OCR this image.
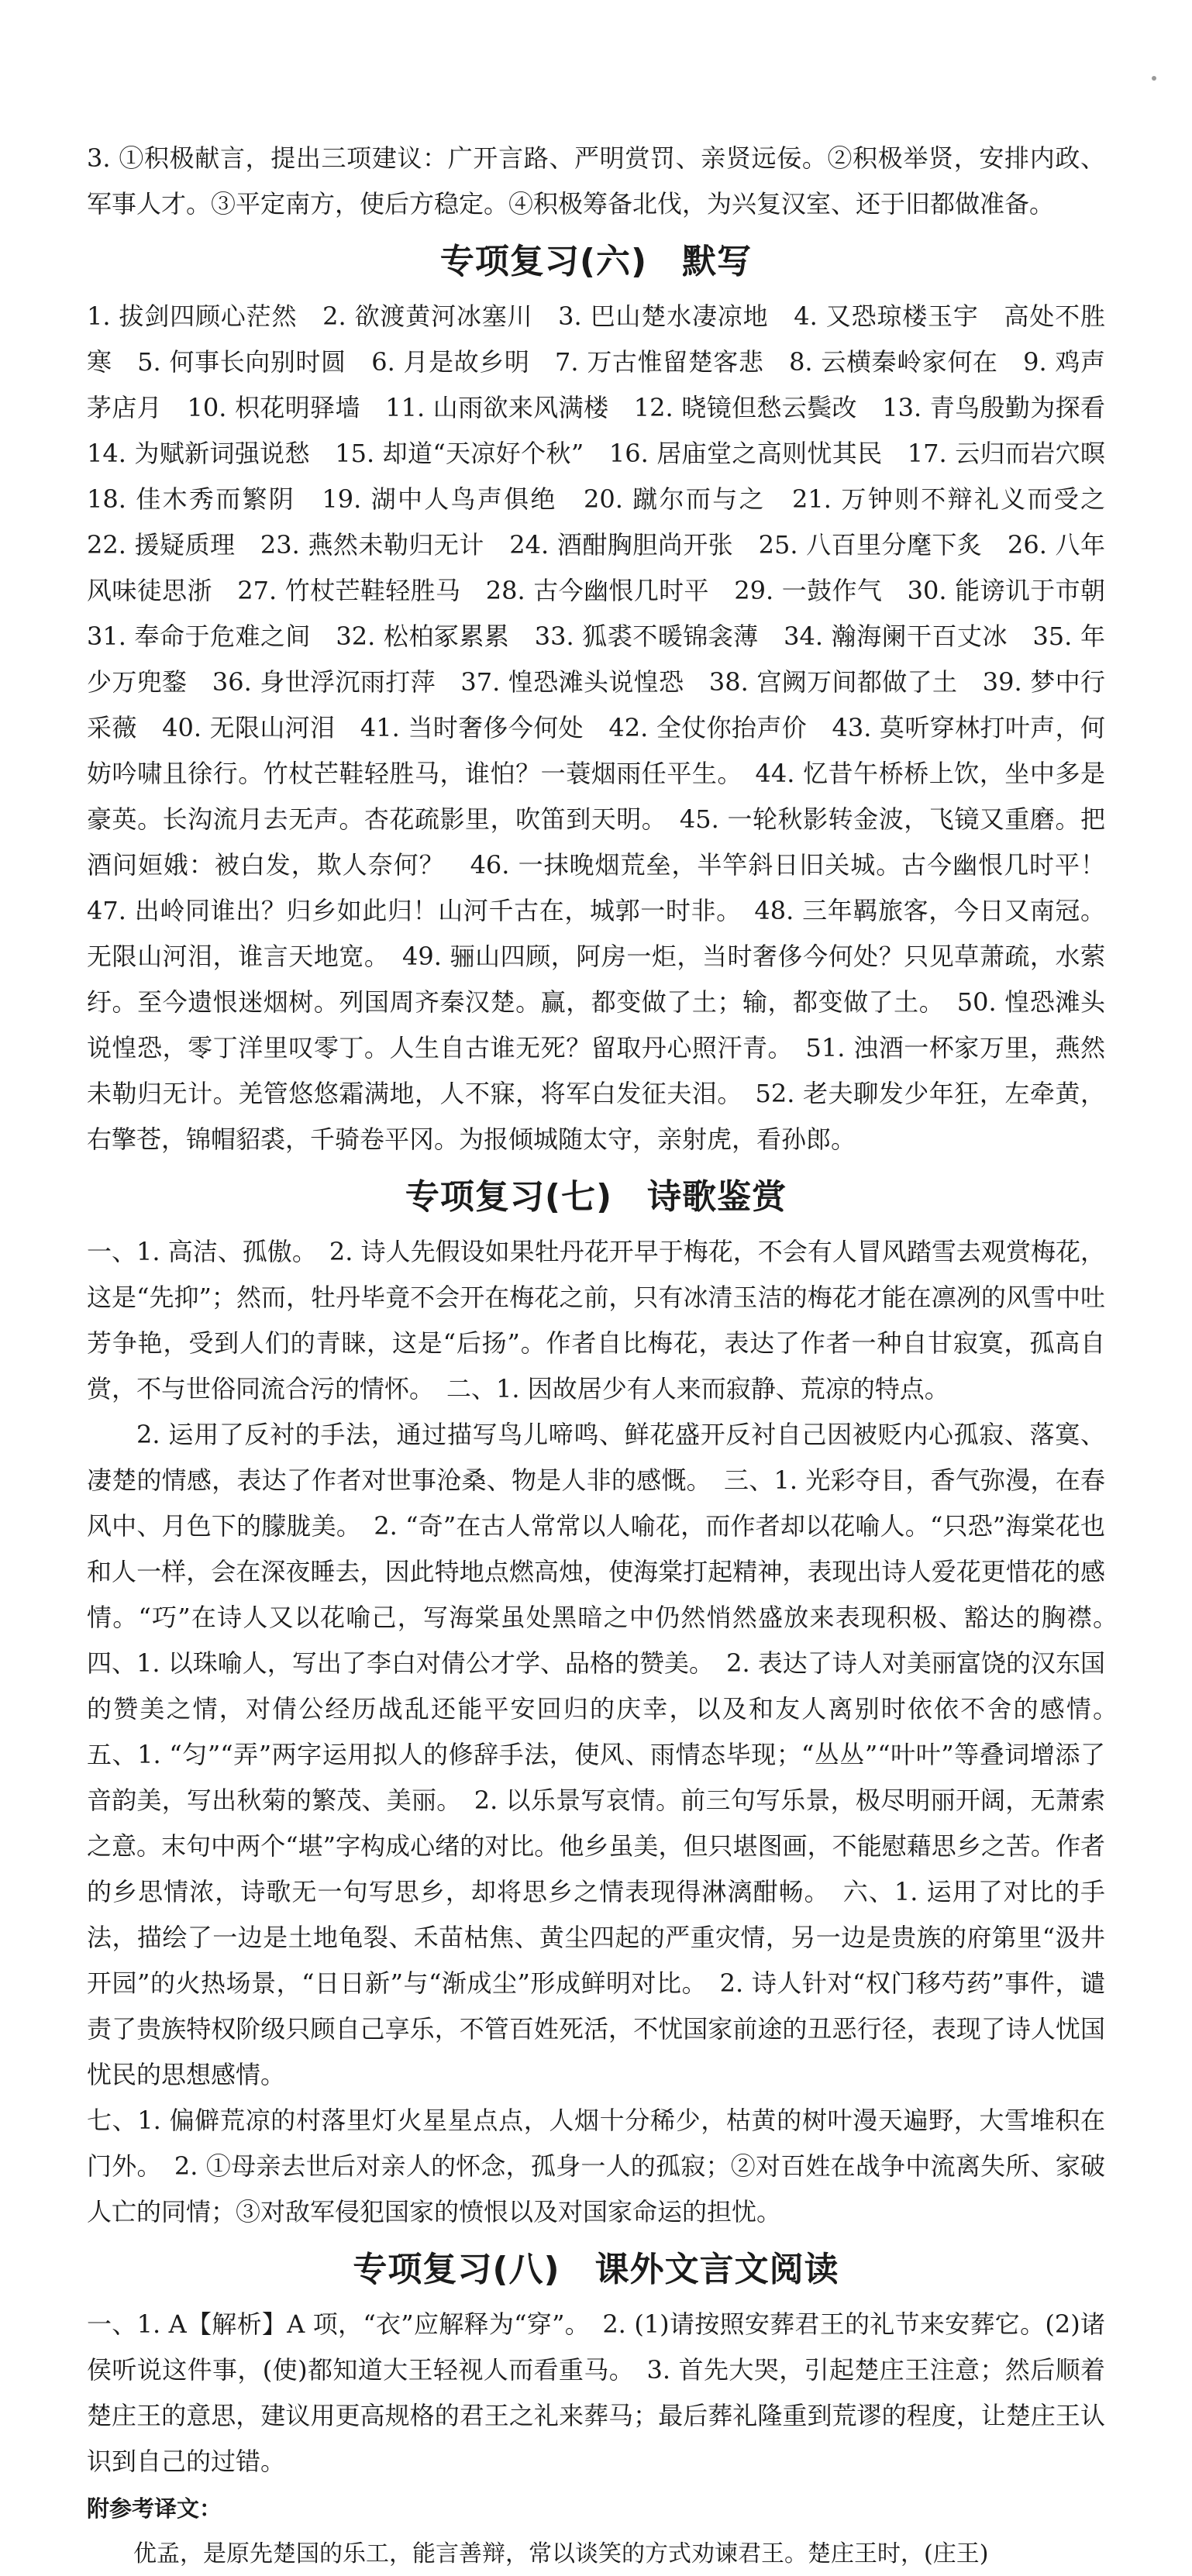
3. ①积极献言，提出三项建议：广开言路、严明赏罚、亲贤远佞。②积极举贤，安排内政、军事人才。③平定南方，使后方稳定。④积极筹备北伐，为兴复汉室、还于旧都做准备。

专项复习(六)　默写

1. 拔剑四顾心茫然　2. 欲渡黄河冰塞川　3. 巴山楚水凄凉地　4. 又恐琼楼玉宇　高处不胜寒　5. 何事长向别时圆　6. 月是故乡明　7. 万古惟留楚客悲　8. 云横秦岭家何在　9. 鸡声茅店月　10. 枳花明驿墙　11. 山雨欲来风满楼　12. 晓镜但愁云鬓改　13. 青鸟殷勤为探看　14. 为赋新词强说愁　15. 却道“天凉好个秋”　16. 居庙堂之高则忧其民　17. 云归而岩穴暝　18. 佳木秀而繁阴　19. 湖中人鸟声俱绝　20. 蹴尔而与之　21. 万钟则不辩礼义而受之　22. 援疑质理　23. 燕然未勒归无计　24. 酒酣胸胆尚开张　25. 八百里分麾下炙　26. 八年风味徒思浙　27. 竹杖芒鞋轻胜马　28. 古今幽恨几时平　29. 一鼓作气　30. 能谤讥于市朝　31. 奉命于危难之间　32. 松柏冢累累　33. 狐裘不暖锦衾薄　34. 瀚海阑干百丈冰　35. 年少万兜鍪　36. 身世浮沉雨打萍　37. 惶恐滩头说惶恐　38. 宫阙万间都做了土　39. 梦中行采薇　40. 无限山河泪　41. 当时奢侈今何处　42. 全仗你抬声价　43. 莫听穿林打叶声，何妨吟啸且徐行。竹杖芒鞋轻胜马，谁怕？一蓑烟雨任平生。　44. 忆昔午桥桥上饮，坐中多是豪英。长沟流月去无声。杏花疏影里，吹笛到天明。　45. 一轮秋影转金波，飞镜又重磨。把酒问姮娥：被白发，欺人奈何？　46. 一抹晚烟荒垒，半竿斜日旧关城。古今幽恨几时平！　47. 出岭同谁出？归乡如此归！山河千古在，城郭一时非。　48. 三年羁旅客，今日又南冠。无限山河泪，谁言天地宽。　49. 骊山四顾，阿房一炬，当时奢侈今何处？只见草萧疏，水萦纡。至今遗恨迷烟树。列国周齐秦汉楚。赢，都变做了土；输，都变做了土。　50. 惶恐滩头说惶恐，零丁洋里叹零丁。人生自古谁无死？留取丹心照汗青。　51. 浊酒一杯家万里，燕然未勒归无计。羌管悠悠霜满地，人不寐，将军白发征夫泪。　52. 老夫聊发少年狂，左牵黄，右擎苍，锦帽貂裘，千骑卷平冈。为报倾城随太守，亲射虎，看孙郎。

专项复习(七)　诗歌鉴赏

一、1. 高洁、孤傲。　2. 诗人先假设如果牡丹花开早于梅花，不会有人冒风踏雪去观赏梅花，这是“先抑”；然而，牡丹毕竟不会开在梅花之前，只有冰清玉洁的梅花才能在凛冽的风雪中吐芳争艳，受到人们的青睐，这是“后扬”。作者自比梅花，表达了作者一种自甘寂寞，孤高自赏，不与世俗同流合污的情怀。　二、1. 因故居少有人来而寂静、荒凉的特点。

2. 运用了反衬的手法，通过描写鸟儿啼鸣、鲜花盛开反衬自己因被贬内心孤寂、落寞、凄楚的情感，表达了作者对世事沧桑、物是人非的感慨。　三、1. 光彩夺目，香气弥漫，在春风中、月色下的朦胧美。　2. “奇”在古人常常以人喻花，而作者却以花喻人。“只恐”海棠花也和人一样，会在深夜睡去，因此特地点燃高烛，使海棠打起精神，表现出诗人爱花更惜花的感情。“巧”在诗人又以花喻己，写海棠虽处黑暗之中仍然悄然盛放来表现积极、豁达的胸襟。　四、1. 以珠喻人，写出了李白对倩公才学、品格的赞美。　2. 表达了诗人对美丽富饶的汉东国的赞美之情，对倩公经历战乱还能平安回归的庆幸，以及和友人离别时依依不舍的感情。　五、1. “匀”“弄”两字运用拟人的修辞手法，使风、雨情态毕现；“丛丛”“叶叶”等叠词增添了音韵美，写出秋菊的繁茂、美丽。　2. 以乐景写哀情。前三句写乐景，极尽明丽开阔，无萧索之意。末句中两个“堪”字构成心绪的对比。他乡虽美，但只堪图画，不能慰藉思乡之苦。作者的乡思情浓，诗歌无一句写思乡，却将思乡之情表现得淋漓酣畅。　六、1. 运用了对比的手法，描绘了一边是土地龟裂、禾苗枯焦、黄尘四起的严重灾情，另一边是贵族的府第里“汲井开园”的火热场景，“日日新”与“渐成尘”形成鲜明对比。　2. 诗人针对“权门移芍药”事件，谴责了贵族特权阶级只顾自己享乐，不管百姓死活，不忧国家前途的丑恶行径，表现了诗人忧国忧民的思想感情。

七、1. 偏僻荒凉的村落里灯火星星点点，人烟十分稀少，枯黄的树叶漫天遍野，大雪堆积在门外。　2. ①母亲去世后对亲人的怀念，孤身一人的孤寂；②对百姓在战争中流离失所、家破人亡的同情；③对敌军侵犯国家的愤恨以及对国家命运的担忧。

专项复习(八)　课外文言文阅读

一、1. A【解析】A 项，“衣”应解释为“穿”。　2. (1)请按照安葬君王的礼节来安葬它。(2)诸侯听说这件事，(使)都知道大王轻视人而看重马。　3. 首先大哭，引起楚庄王注意；然后顺着楚庄王的意思，建议用更高规格的君王之礼来葬马；最后葬礼隆重到荒谬的程度，让楚庄王认识到自己的过错。

附参考译文：

优孟，是原先楚国的乐工，能言善辩，常以谈笑的方式劝谏君王。楚庄王时，(庄王)
